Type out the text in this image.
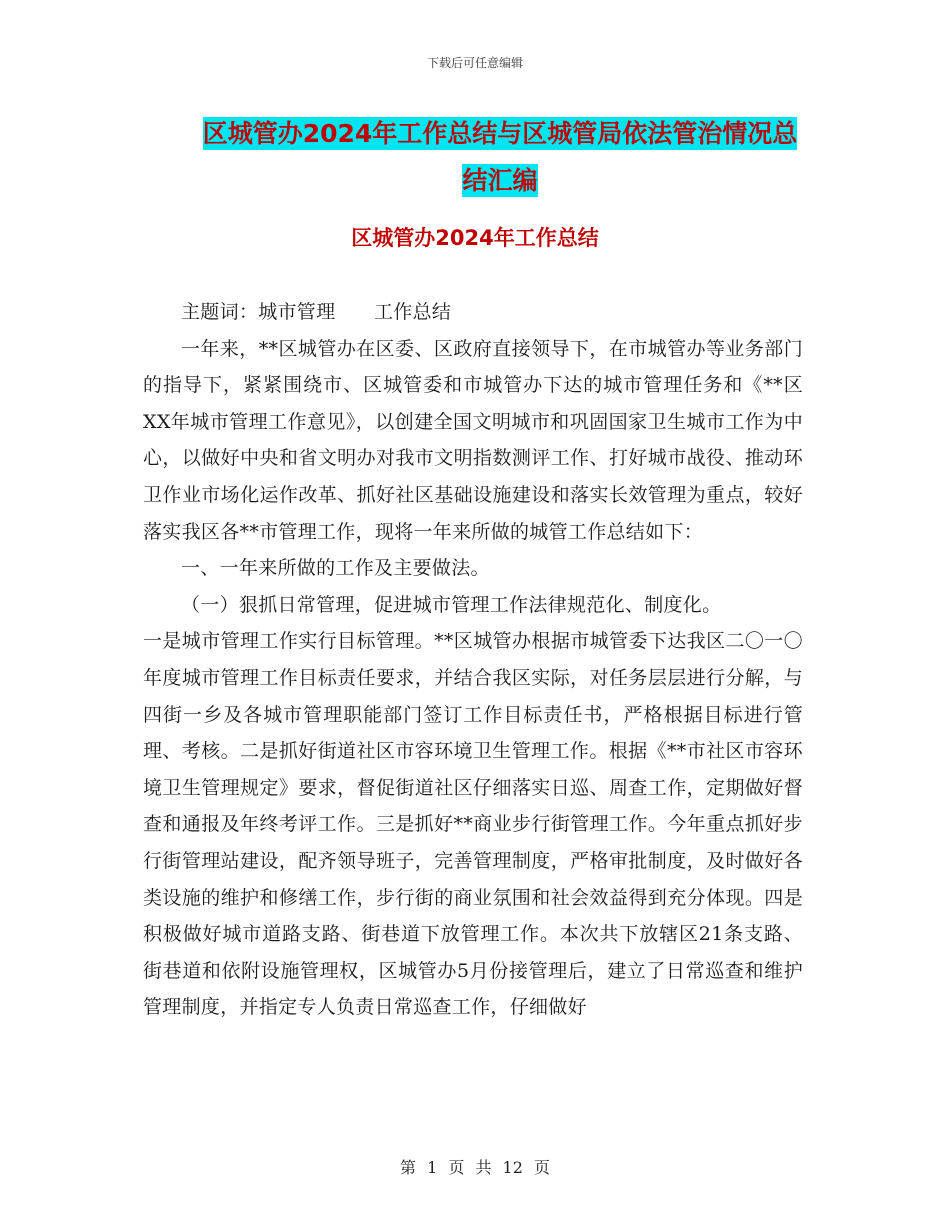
下载后可任意编辑
区城管办2024年工作总结与区城管局依法管治情况总
结汇编
区城管办2024年工作总结

主题词：城市管理　　工作总结

一年来，**区城管办在区委、区政府直接领导下，在市城管办等业务部门的指导下，紧紧围绕市、区城管委和市城管办下达的城市管理任务和《**区XX年城市管理工作意见》，以创建全国文明城市和巩固国家卫生城市工作为中心，以做好中央和省文明办对我市文明指数测评工作、打好城市战役、推动环卫作业市场化运作改革、抓好社区基础设施建设和落实长效管理为重点，较好落实我区各**市管理工作，现将一年来所做的城管工作总结如下：

一、一年来所做的工作及主要做法。

（一）狠抓日常管理，促进城市管理工作法律规范化、制度化。

一是城市管理工作实行目标管理。**区城管办根据市城管委下达我区二〇一〇年度城市管理工作目标责任要求，并结合我区实际，对任务层层进行分解，与四街一乡及各城市管理职能部门签订工作目标责任书，严格根据目标进行管理、考核。二是抓好街道社区市容环境卫生管理工作。根据《**市社区市容环境卫生管理规定》要求，督促街道社区仔细落实日巡、周查工作，定期做好督查和通报及年终考评工作。三是抓好**商业步行街管理工作。今年重点抓好步行街管理站建设，配齐领导班子，完善管理制度，严格审批制度，及时做好各类设施的维护和修缮工作，步行街的商业氛围和社会效益得到充分体现。四是积极做好城市道路支路、街巷道下放管理工作。本次共下放辖区21条支路、街巷道和依附设施管理权，区城管办5月份接管理后，建立了日常巡查和维护管理制度，并指定专人负责日常巡查工作，仔细做好

第 1 页 共 12 页
